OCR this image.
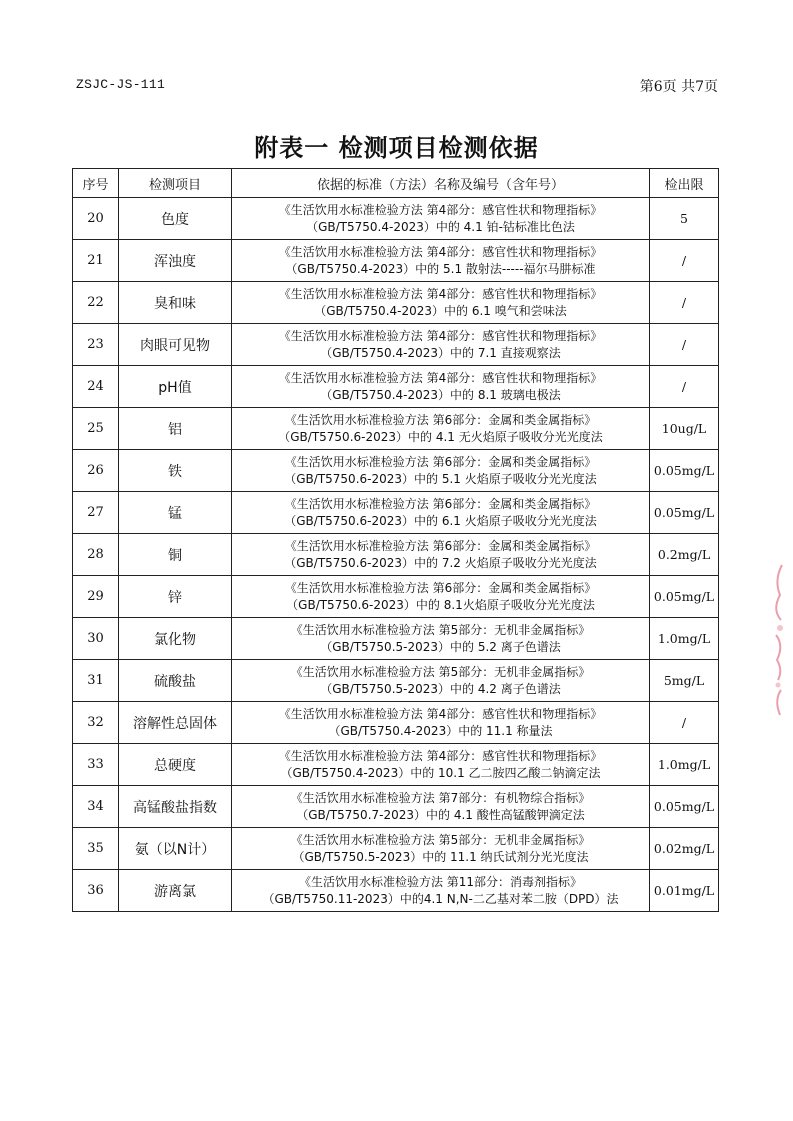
ZSJC-JS-111	第6页 共7页
附表一 检测项目检测依据
序号	检测项目	依据的标准（方法）名称及编号（含年号）	检出限
20	色度	《生活饮用水标准检验方法 第4部分：感官性状和物理指标》
（GB/T5750.4-2023）中的 4.1 铂-钴标准比色法	5
21	浑浊度	《生活饮用水标准检验方法 第4部分：感官性状和物理指标》
（GB/T5750.4-2023）中的 5.1 散射法-----福尔马肼标准	/
22	臭和味	《生活饮用水标准检验方法 第4部分：感官性状和物理指标》
（GB/T5750.4-2023）中的 6.1 嗅气和尝味法	/
23	肉眼可见物	《生活饮用水标准检验方法 第4部分：感官性状和物理指标》
（GB/T5750.4-2023）中的 7.1 直接观察法	/
24	pH值	《生活饮用水标准检验方法 第4部分：感官性状和物理指标》
（GB/T5750.4-2023）中的 8.1 玻璃电极法	/
25	铝	《生活饮用水标准检验方法 第6部分：金属和类金属指标》
（GB/T5750.6-2023）中的 4.1 无火焰原子吸收分光光度法	10ug/L
26	铁	《生活饮用水标准检验方法 第6部分：金属和类金属指标》
（GB/T5750.6-2023）中的 5.1 火焰原子吸收分光光度法	0.05mg/L
27	锰	《生活饮用水标准检验方法 第6部分：金属和类金属指标》
（GB/T5750.6-2023）中的 6.1 火焰原子吸收分光光度法	0.05mg/L
28	铜	《生活饮用水标准检验方法 第6部分：金属和类金属指标》
（GB/T5750.6-2023）中的 7.2 火焰原子吸收分光光度法	0.2mg/L
29	锌	《生活饮用水标准检验方法 第6部分：金属和类金属指标》
（GB/T5750.6-2023）中的 8.1火焰原子吸收分光光度法	0.05mg/L
30	氯化物	《生活饮用水标准检验方法 第5部分：无机非金属指标》
（GB/T5750.5-2023）中的 5.2 离子色谱法	1.0mg/L
31	硫酸盐	《生活饮用水标准检验方法 第5部分：无机非金属指标》
（GB/T5750.5-2023）中的 4.2 离子色谱法	5mg/L
32	溶解性总固体	《生活饮用水标准检验方法 第4部分：感官性状和物理指标》
（GB/T5750.4-2023）中的 11.1 称量法	/
33	总硬度	《生活饮用水标准检验方法 第4部分：感官性状和物理指标》
（GB/T5750.4-2023）中的 10.1 乙二胺四乙酸二钠滴定法	1.0mg/L
34	高锰酸盐指数	《生活饮用水标准检验方法 第7部分：有机物综合指标》
（GB/T5750.7-2023）中的 4.1 酸性高锰酸钾滴定法	0.05mg/L
35	氨（以N计）	《生活饮用水标准检验方法 第5部分：无机非金属指标》
（GB/T5750.5-2023）中的 11.1 纳氏试剂分光光度法	0.02mg/L
36	游离氯	《生活饮用水标准检验方法 第11部分：消毒剂指标》
（GB/T5750.11-2023）中的4.1 N,N-二乙基对苯二胺（DPD）法	0.01mg/L
